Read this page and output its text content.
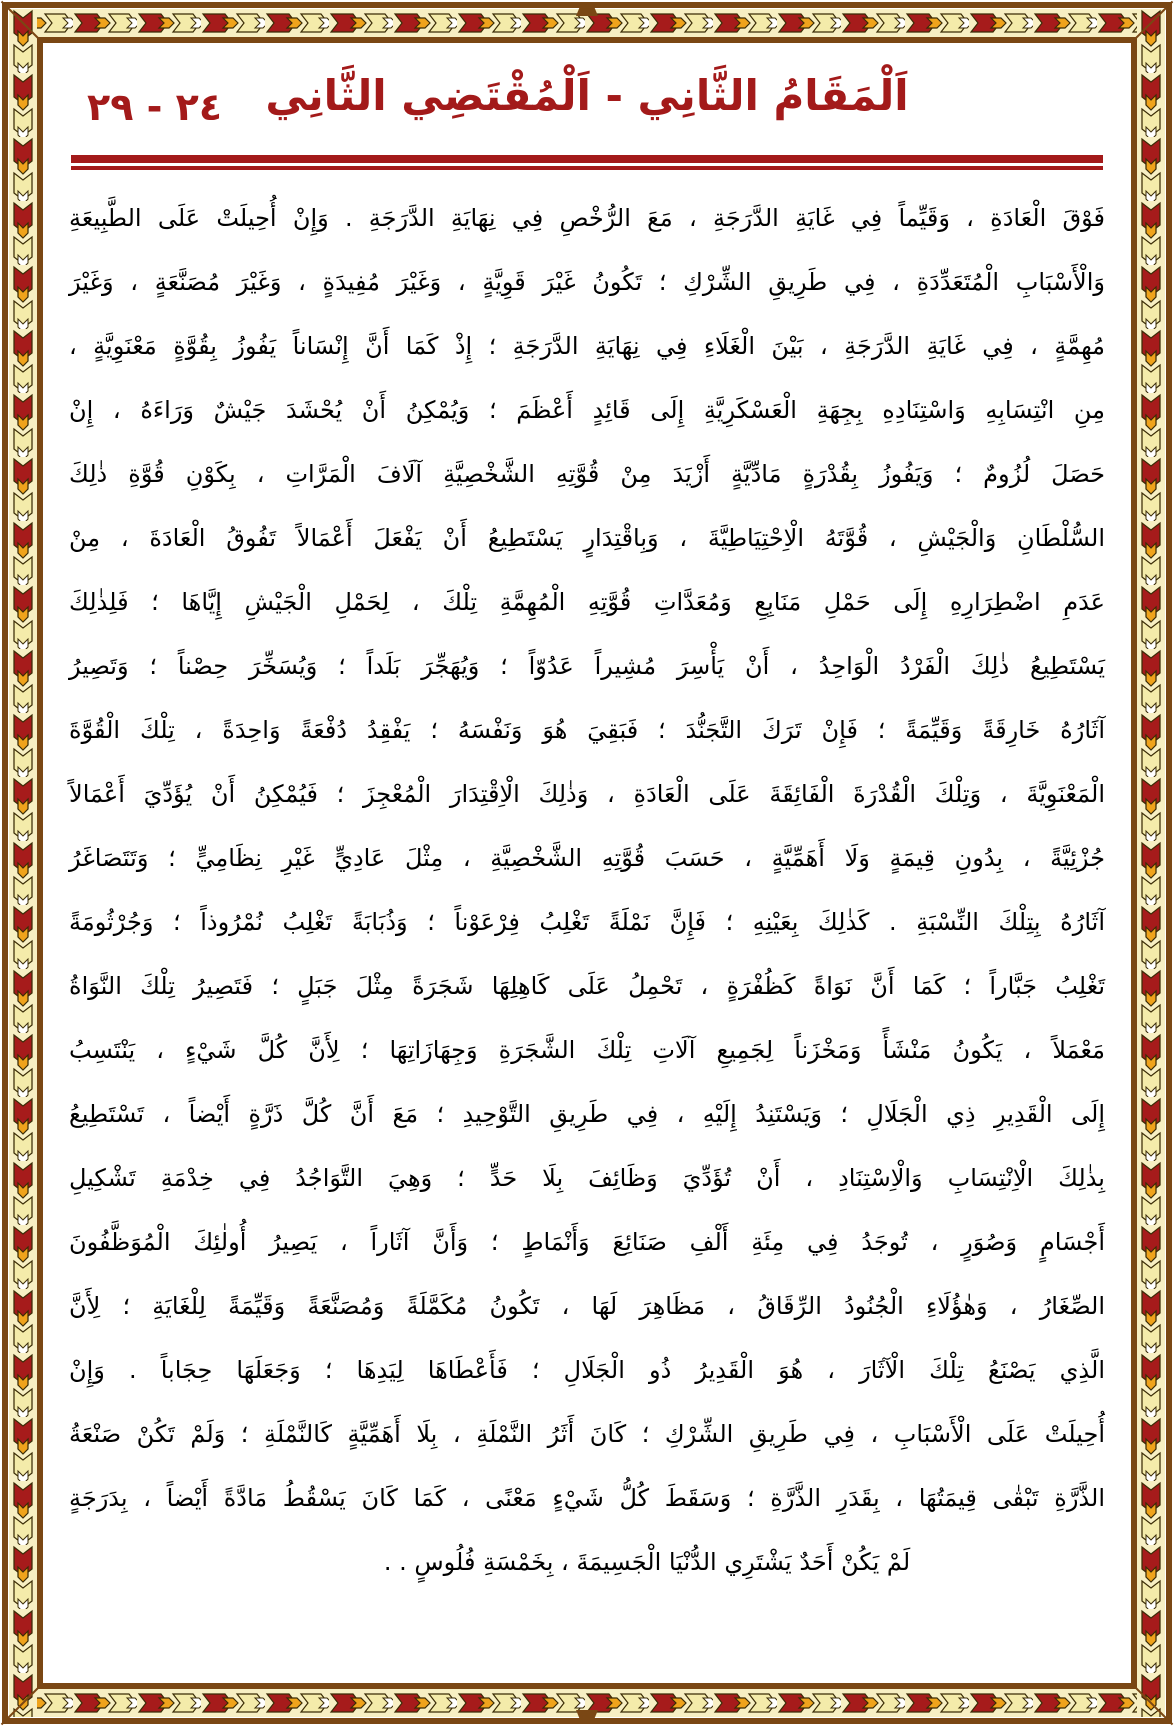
٢٤ - ٢٩	اَلْمَقَامُ الثَّانِي - اَلْمُقْتَضِي الثَّانِي
فَوْقَ الْعَادَةِ ، وَقَيِّماً فِي غَايَةِ الدَّرَجَةِ ، مَعَ الرُّخْصِ فِي نِهَايَةِ الدَّرَجَةِ . وَإِنْ أُحِيلَتْ عَلَى الطَّبِيعَةِ
وَالْأَسْبَابِ الْمُتَعَدِّدَةِ ، فِي طَرِيقِ الشِّرْكِ ؛ تَكُونُ غَيْرَ قَوِيَّةٍ ، وَغَيْرَ مُفِيدَةٍ ، وَغَيْرَ مُصَنَّعَةٍ ، وَغَيْرَ
مُهِمَّةٍ ، فِي غَايَةِ الدَّرَجَةِ ، بَيْنَ الْغَلَاءِ فِي نِهَايَةِ الدَّرَجَةِ ؛ إِذْ كَمَا أَنَّ إِنْسَاناً يَفُوزُ بِقُوَّةٍ مَعْنَوِيَّةٍ ،
مِنِ انْتِسَابِهِ وَاسْتِنَادِهِ بِجِهَةِ الْعَسْكَرِيَّةِ إِلَى قَائِدٍ أَعْظَمَ ؛ وَيُمْكِنُ أَنْ يُحْشَدَ جَيْشٌ وَرَاءَهُ ، إِنْ
حَصَلَ لُزُومٌ ؛ وَيَفُوزُ بِقُدْرَةٍ مَادِّيَّةٍ أَزْيَدَ مِنْ قُوَّتِهِ الشَّخْصِيَّةِ آلَافَ الْمَرَّاتِ ، بِكَوْنِ قُوَّةِ ذٰلِكَ
السُّلْطَانِ وَالْجَيْشِ ، قُوَّتَهُ الْاِحْتِيَاطِيَّةَ ، وَبِاقْتِدَارٍ يَسْتَطِيعُ أَنْ يَفْعَلَ أَعْمَالاً تَفُوقُ الْعَادَةَ ، مِنْ
عَدَمِ اضْطِرَارِهِ إِلَى حَمْلِ مَنَابِعِ وَمُعَدَّاتِ قُوَّتِهِ الْمُهِمَّةِ تِلْكَ ، لِحَمْلِ الْجَيْشِ إِيَّاهَا ؛ فَلِذٰلِكَ
يَسْتَطِيعُ ذٰلِكَ الْفَرْدُ الْوَاحِدُ ، أَنْ يَأْسِرَ مُشِيراً عَدُوّاً ؛ وَيُهَجِّرَ بَلَداً ؛ وَيُسَخِّرَ حِصْناً ؛ وَتَصِيرُ
آثَارُهُ خَارِقَةً وَقَيِّمَةً ؛ فَإِنْ تَرَكَ التَّجَنُّدَ ؛ فَبَقِيَ هُوَ وَنَفْسَهُ ؛ يَفْقِدُ دُفْعَةً وَاحِدَةً ، تِلْكَ الْقُوَّةَ
الْمَعْنَوِيَّةَ ، وَتِلْكَ الْقُدْرَةَ الْفَائِقَةَ عَلَى الْعَادَةِ ، وَذٰلِكَ الْاِقْتِدَارَ الْمُعْجِزَ ؛ فَيُمْكِنُ أَنْ يُؤَدِّيَ أَعْمَالاً
جُزْئِيَّةً ، بِدُونِ قِيمَةٍ وَلَا أَهَمِّيَّةٍ ، حَسَبَ قُوَّتِهِ الشَّخْصِيَّةِ ، مِثْلَ عَادِيٍّ غَيْرِ نِظَامِيٍّ ؛ وَتَتَصَاغَرُ
آثَارُهُ بِتِلْكَ النِّسْبَةِ . كَذٰلِكَ بِعَيْنِهِ ؛ فَإِنَّ نَمْلَةً تَغْلِبُ فِرْعَوْناً ؛ وَذُبَابَةً تَغْلِبُ نُمْرُوذاً ؛ وَجُرْثُومَةً
تَغْلِبُ جَبَّاراً ؛ كَمَا أَنَّ نَوَاةً كَظُفْرَةٍ ، تَحْمِلُ عَلَى كَاهِلِهَا شَجَرَةً مِثْلَ جَبَلٍ ؛ فَتَصِيرُ تِلْكَ النَّوَاةُ
مَعْمَلاً ، يَكُونُ مَنْشَأً وَمَخْزَناً لِجَمِيعِ آلَاتِ تِلْكَ الشَّجَرَةِ وَجِهَازَاتِهَا ؛ لِأَنَّ كُلَّ شَيْءٍ ، يَنْتَسِبُ
إِلَى الْقَدِيرِ ذِي الْجَلَالِ ؛ وَيَسْتَنِدُ إِلَيْهِ ، فِي طَرِيقِ التَّوْحِيدِ ؛ مَعَ أَنَّ كُلَّ ذَرَّةٍ أَيْضاً ، تَسْتَطِيعُ
بِذٰلِكَ الْاِنْتِسَابِ وَالْاِسْتِنَادِ ، أَنْ تُؤَدِّيَ وَظَائِفَ بِلَا حَدٍّ ؛ وَهِيَ التَّوَاجُدُ فِي خِدْمَةِ تَشْكِيلِ
أَجْسَامٍ وَصُوَرٍ ، تُوجَدُ فِي مِئَةِ أَلْفِ صَنَائِعَ وَأَنْمَاطٍ ؛ وَأَنَّ آثَاراً ، يَصِيرُ أُولٰئِكَ الْمُوَظَّفُونَ
الصِّغَارُ ، وَهٰؤُلَاءِ الْجُنُودُ الرِّقَاقُ ، مَظَاهِرَ لَهَا ، تَكُونُ مُكَمَّلَةً وَمُصَنَّعَةً وَقَيِّمَةً لِلْغَايَةِ ؛ لِأَنَّ
الَّذِي يَصْنَعُ تِلْكَ الْآثَارَ ، هُوَ الْقَدِيرُ ذُو الْجَلَالِ ؛ فَأَعْطَاهَا لِيَدِهَا ؛ وَجَعَلَهَا حِجَاباً . وَإِنْ
أُحِيلَتْ عَلَى الْأَسْبَابِ ، فِي طَرِيقِ الشِّرْكِ ؛ كَانَ أَثَرُ النَّمْلَةِ ، بِلَا أَهَمِّيَّةٍ كَالنَّمْلَةِ ؛ وَلَمْ تَكُنْ صَنْعَةُ
الذَّرَّةِ تَبْقٰى قِيمَتُهَا ، بِقَدَرِ الذَّرَّةِ ؛ وَسَقَطَ كُلُّ شَيْءٍ مَعْنًى ، كَمَا كَانَ يَسْقُطُ مَادَّةً أَيْضاً ، بِدَرَجَةٍ
لَمْ يَكُنْ أَحَدٌ يَشْتَرِي الدُّنْيَا الْجَسِيمَةَ ، بِخَمْسَةِ فُلُوسٍ . .
